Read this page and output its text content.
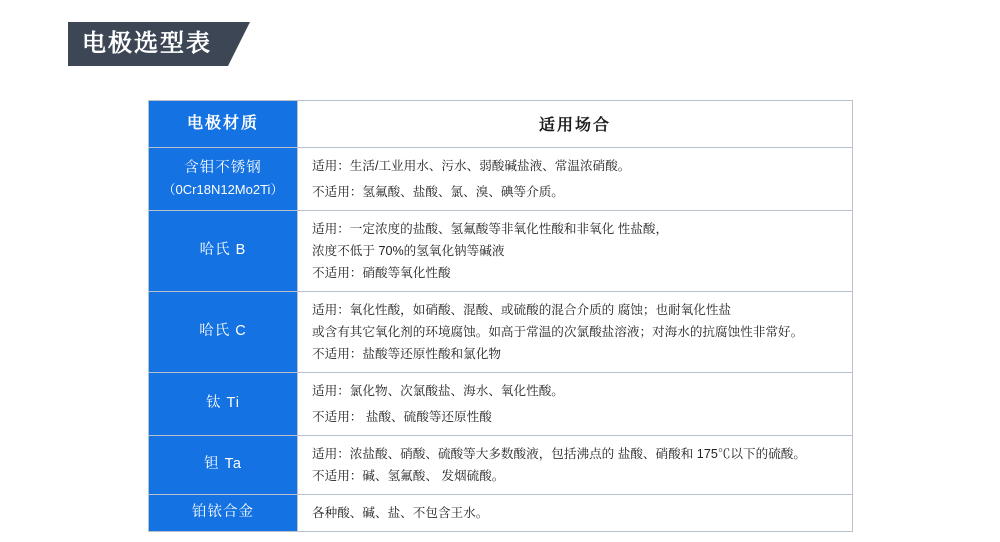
电极选型表
电极材质	适用场合
含钼不锈钢
（0Cr18N12Mo2Ti）	适用：生活/工业用水、污水、弱酸碱盐液、常温浓硝酸。
不适用：氢氟酸、盐酸、氯、溴、碘等介质。

哈氏 B	适用：一定浓度的盐酸、氢氟酸等非氧化性酸和非氧化 性盐酸，
浓度不低于 70%的氢氧化钠等碱液
不适用：硝酸等氧化性酸

哈氏 C	适用：氧化性酸，如硝酸、混酸、或硫酸的混合介质的 腐蚀；也耐氧化性盐
或含有其它氧化剂的环境腐蚀。如高于常温的次氯酸盐溶液；对海水的抗腐蚀性非常好。
不适用：盐酸等还原性酸和氯化物

钛 Ti	适用：氯化物、次氯酸盐、海水、氧化性酸。
不适用： 盐酸、硫酸等还原性酸

钽 Ta	适用：浓盐酸、硝酸、硫酸等大多数酸液，包括沸点的 盐酸、硝酸和 175℃以下的硫酸。
不适用：碱、氢氟酸、 发烟硫酸。

铂铱合金	各种酸、碱、盐、不包含王水。
